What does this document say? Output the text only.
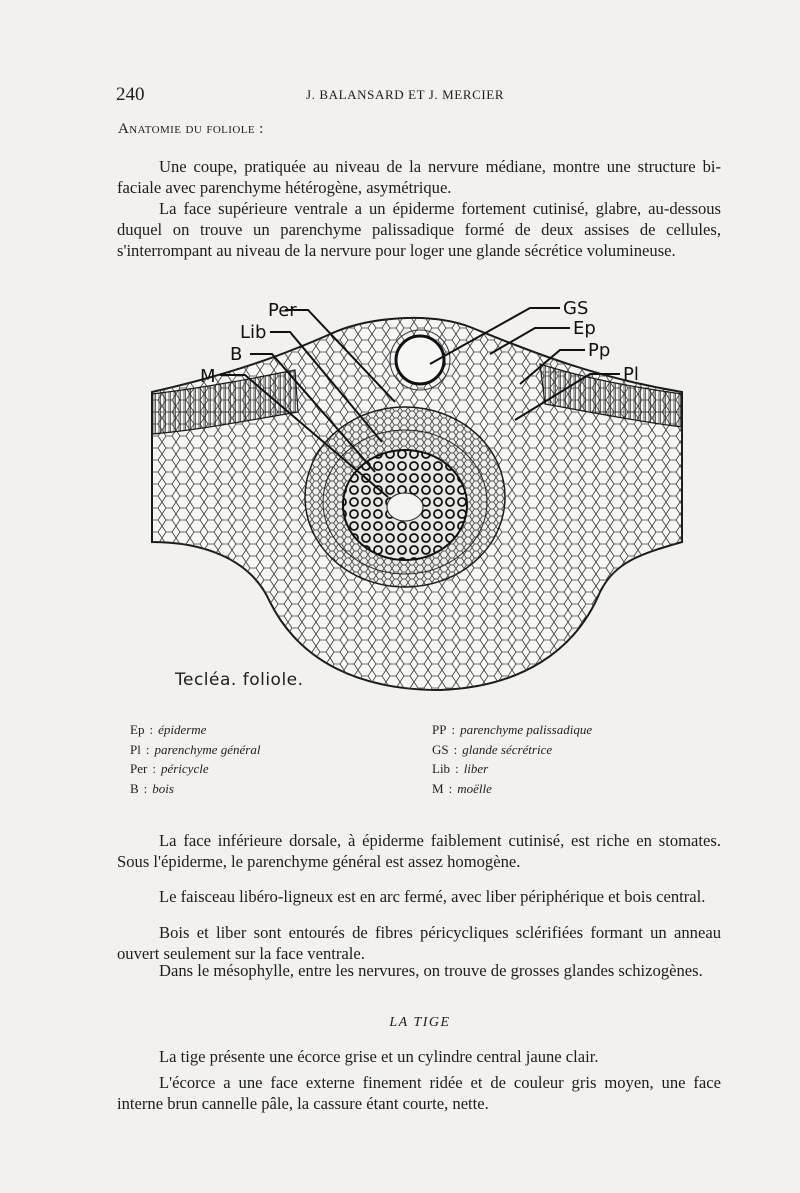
240	J. BALANSARD ET J. MERCIER
Anatomie du foliole :

Une coupe, pratiquée au niveau de la nervure médiane, montre une structure bi-faciale avec parenchyme hétérogène, asymétrique.

La face supérieure ventrale a un épiderme fortement cutinisé, glabre, au-dessous duquel on trouve un parenchyme palissadique formé de deux assises de cellules, s'interrompant au niveau de la nervure pour loger une glande sécrétice volumineuse.

Per
Lib
B
M
GS
Ep
Pp
Pl
Tecléa. foliole.
Ep : épiderme
Pl : parenchyme général
Per : péricycle
B : bois
PP : parenchyme palissadique
GS : glande sécrétrice
Lib : liber
M : moëlle

La face inférieure dorsale, à épiderme faiblement cutinisé, est riche en stomates. Sous l'épiderme, le parenchyme général est assez homogène.

Le faisceau libéro-ligneux est en arc fermé, avec liber périphérique et bois central.

Bois et liber sont entourés de fibres péricycliques sclérifiées formant un anneau ouvert seulement sur la face ventrale.

Dans le mésophylle, entre les nervures, on trouve de grosses glandes schizogènes.

LA TIGE

La tige présente une écorce grise et un cylindre central jaune clair.

L'écorce a une face externe finement ridée et de couleur gris moyen, une face interne brun cannelle pâle, la cassure étant courte, nette.
